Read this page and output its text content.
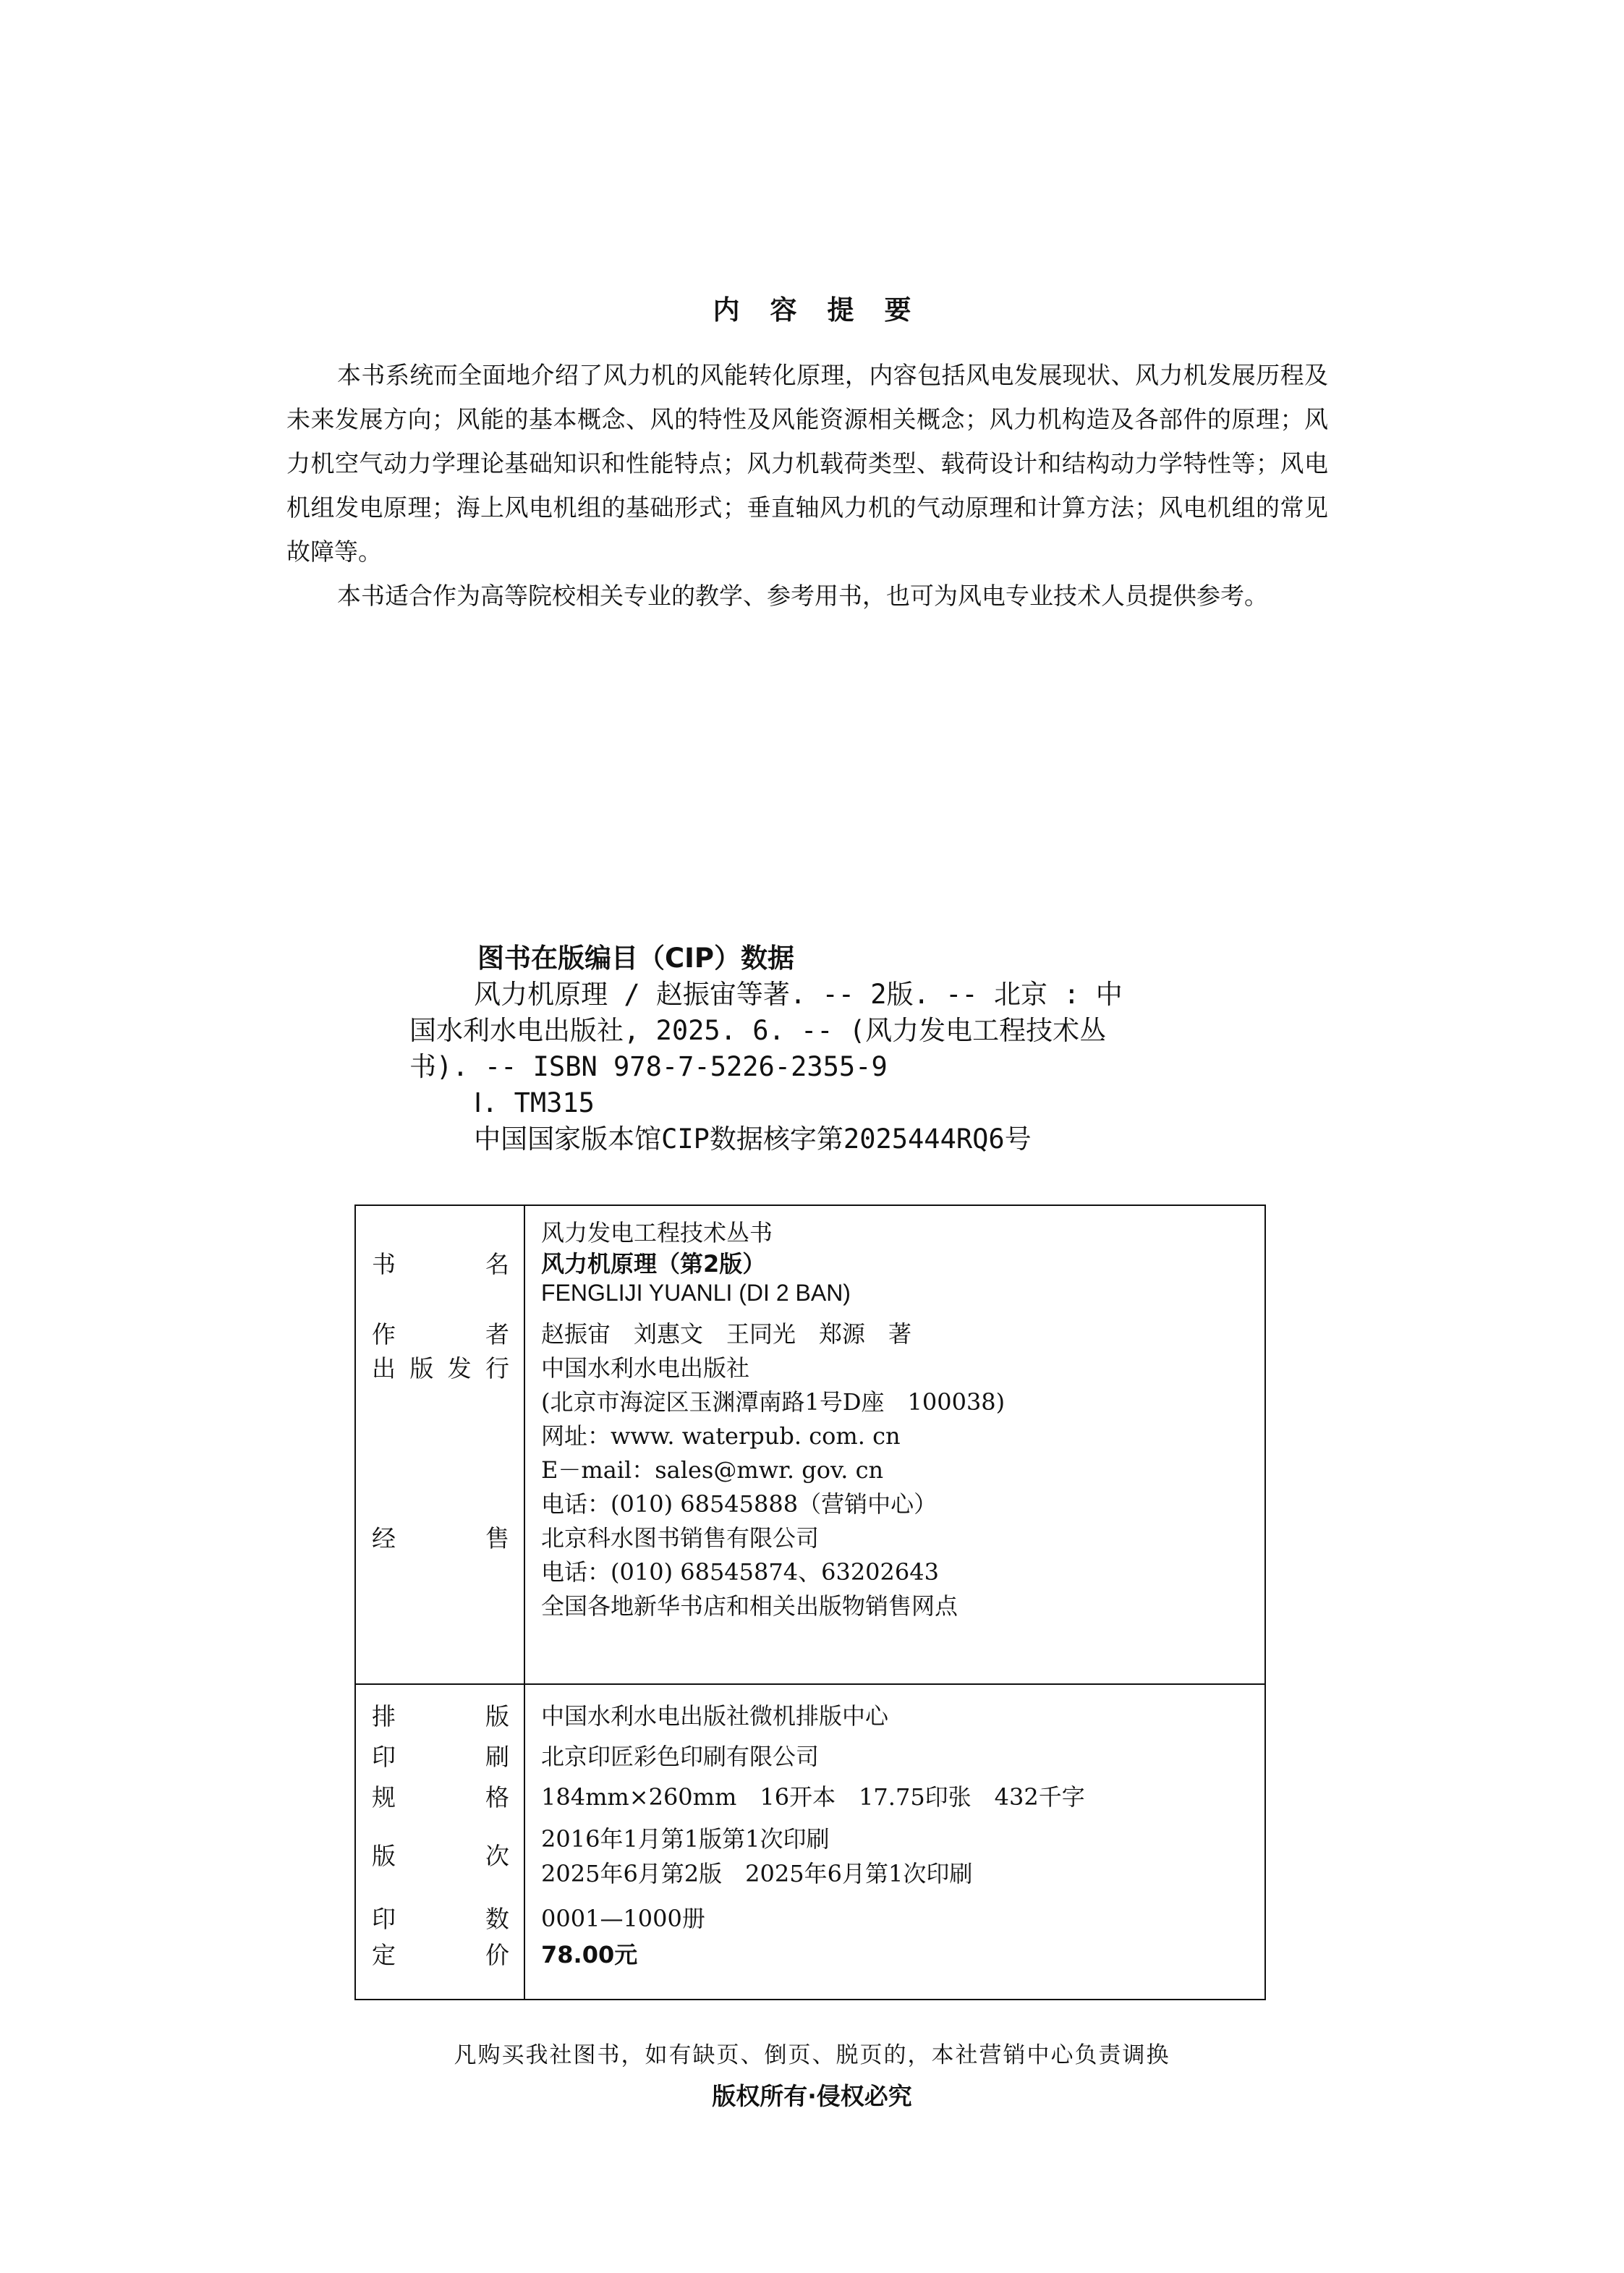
内容提要

本书系统而全面地介绍了风力机的风能转化原理，内容包括风电发展现状、风力机发展历程及未来发展方向；风能的基本概念、风的特性及风能资源相关概念；风力机构造及各部件的原理；风力机空气动力学理论基础知识和性能特点；风力机载荷类型、载荷设计和结构动力学特性等；风电机组发电原理；海上风电机组的基础形式；垂直轴风力机的气动原理和计算方法；风电机组的常见故障等。

本书适合作为高等院校相关专业的教学、参考用书，也可为风电专业技术人员提供参考。

图书在版编目（CIP）数据
风力机原理 / 赵振宙等著. -- 2版. -- 北京 : 中
国水利水电出版社, 2025. 6. -- (风力发电工程技术丛
书). -- ISBN 978-7-5226-2355-9
Ⅰ. TM315
中国国家版本馆CIP数据核字第2025444RQ6号
风力发电工程技术丛书
书	名 风力机原理（第2版）
FENGLIJI YUANLI (DI 2 BAN)
作	者 赵振宙　刘惠文　王同光　郑源　著
出 版 发 行 中国水利水电出版社
(北京市海淀区玉渊潭南路1号D座　100038)
网址：www. waterpub. com. cn
E－mail：sales@mwr. gov. cn
电话：(010) 68545888（营销中心）
经	售 北京科水图书销售有限公司
电话：(010) 68545874、63202643
全国各地新华书店和相关出版物销售网点
排	版 中国水利水电出版社微机排版中心
印	刷 北京印匠彩色印刷有限公司
规	格 184mm×260mm　16开本　17.75印张　432千字
版	次
2016年1月第1版第1次印刷
2025年6月第2版　2025年6月第1次印刷
印	数 0001—1000册
定	价 78.00元
凡购买我社图书，如有缺页、倒页、脱页的，本社营销中心负责调换
版权所有·侵权必究
